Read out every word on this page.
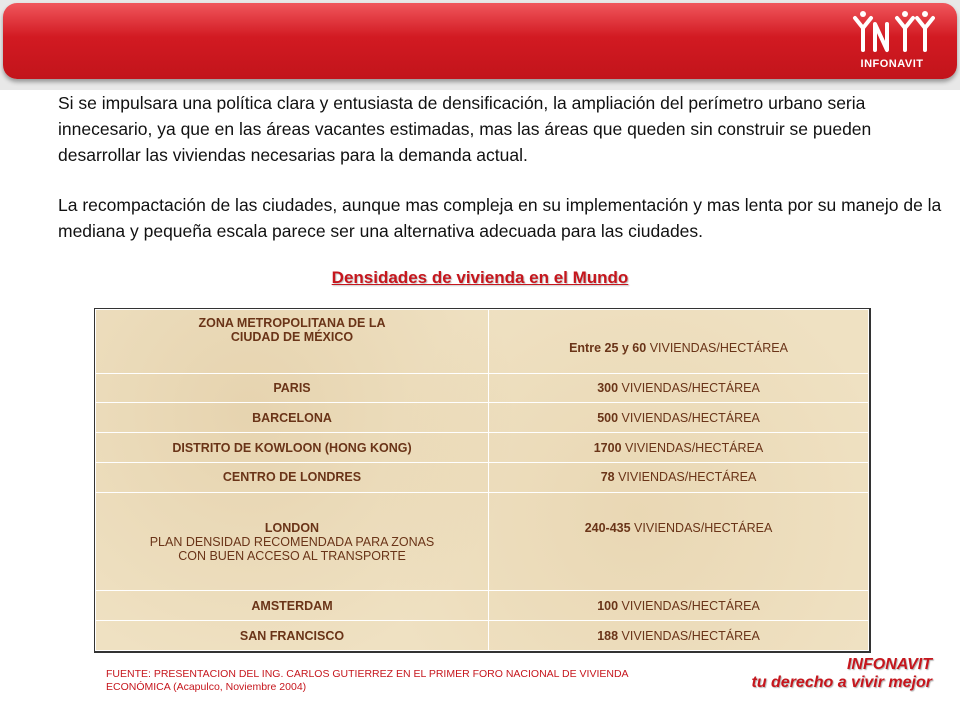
INFONAVIT

Si se impulsara una política clara y entusiasta de densificación, la ampliación del perímetro urbano seria innecesario, ya que en las áreas vacantes estimadas, mas las áreas que queden sin construir se pueden desarrollar las viviendas necesarias para la demanda actual.

La recompactación de las ciudades, aunque mas compleja en su implementación y mas lenta por su manejo de la mediana y pequeña escala parece ser una alternativa adecuada para las ciudades.

Densidades de vivienda en el Mundo
ZONA METROPOLITANA DE LA
CIUDAD DE MÉXICO	Entre 25 y 60 VIVIENDAS/HECTÁREA
PARIS	300 VIVIENDAS/HECTÁREA
BARCELONA	500 VIVIENDAS/HECTÁREA
DISTRITO DE KOWLOON (HONG KONG)	1700 VIVIENDAS/HECTÁREA
CENTRO DE LONDRES	78 VIVIENDAS/HECTÁREA
LONDON
PLAN DENSIDAD RECOMENDADA PARA ZONAS
CON BUEN ACCESO AL TRANSPORTE	240-435 VIVIENDAS/HECTÁREA
AMSTERDAM	100 VIVIENDAS/HECTÁREA
SAN FRANCISCO	188 VIVIENDAS/HECTÁREA
FUENTE: PRESENTACION DEL ING. CARLOS GUTIERREZ EN EL PRIMER FORO NACIONAL DE VIVIENDA
ECONÓMICA (Acapulco, Noviembre 2004)
INFONAVIT
tu derecho a vivir mejor
